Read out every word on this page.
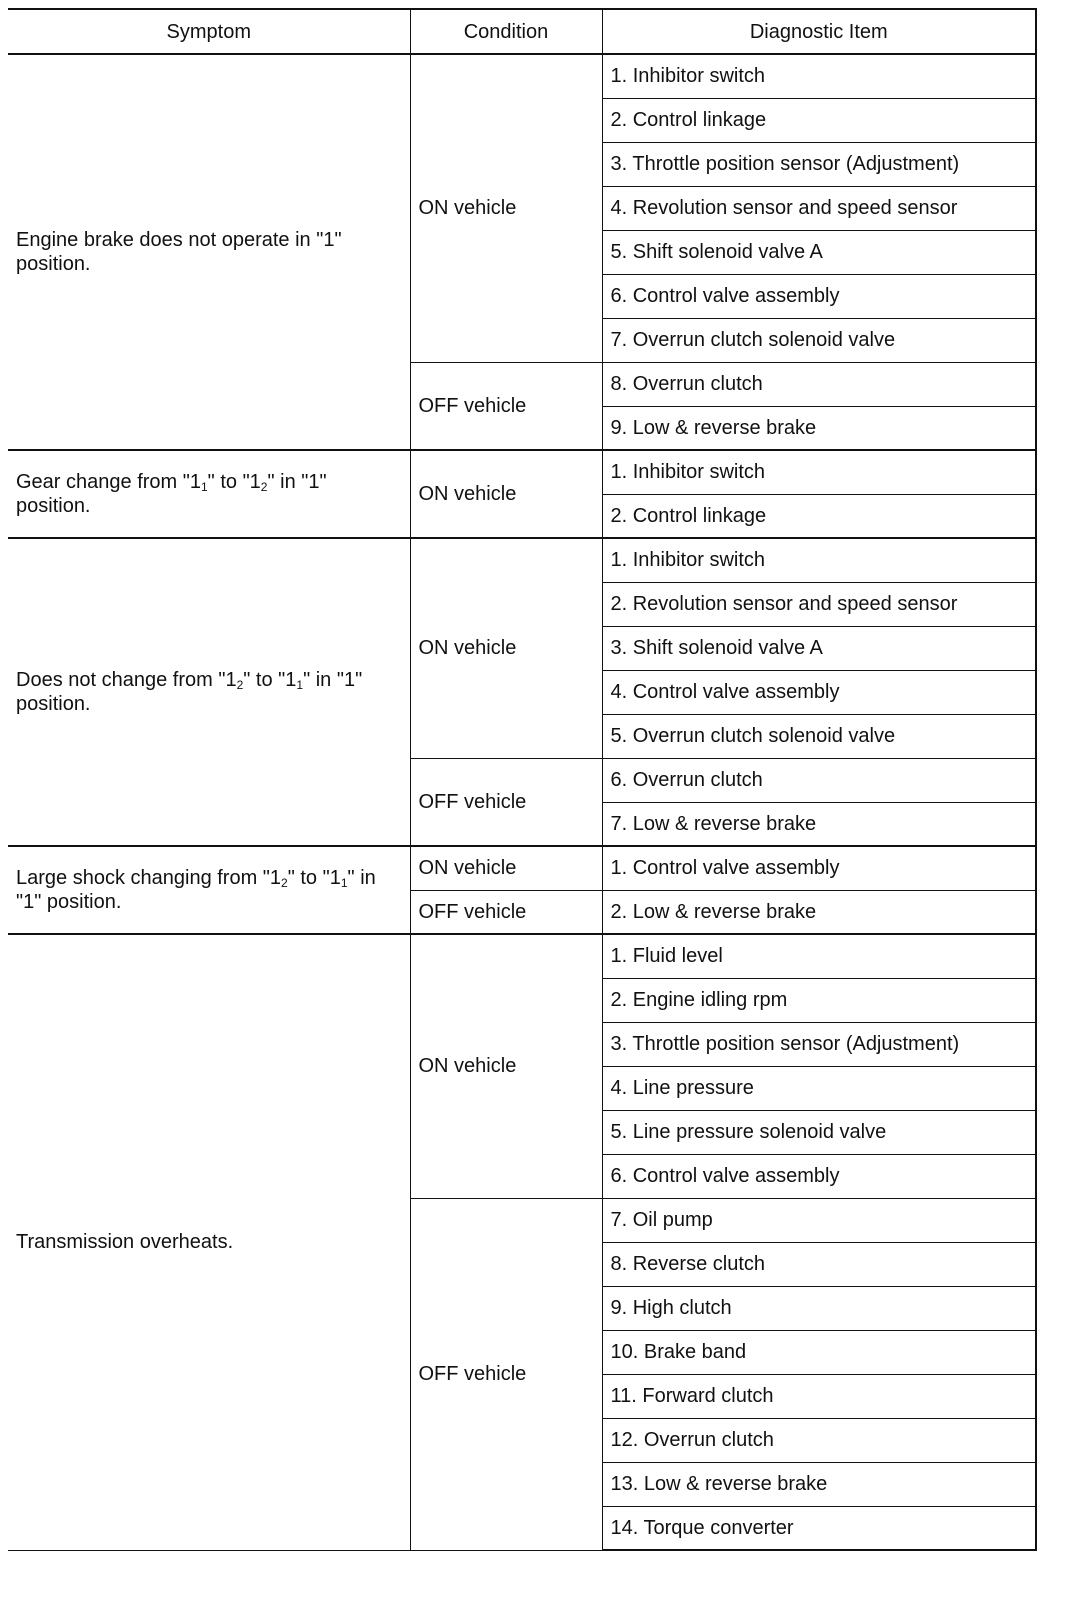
Symptom	Condition	Diagnostic Item
Engine brake does not operate in "1" position.	ON vehicle	1. Inhibitor switch
		2. Control linkage
		3. Throttle position sensor (Adjustment)
		4. Revolution sensor and speed sensor
		5. Shift solenoid valve A
		6. Control valve assembly
		7. Overrun clutch solenoid valve
	OFF vehicle	8. Overrun clutch
		9. Low & reverse brake
Gear change from "$1_1$" to "$1_2$" in "1" position.	ON vehicle	1. Inhibitor switch
		2. Control linkage
Does not change from "$1_2$" to "$1_1$" in "1" position.	ON vehicle	1. Inhibitor switch
		2. Revolution sensor and speed sensor
		3. Shift solenoid valve A
		4. Control valve assembly
		5. Overrun clutch solenoid valve
	OFF vehicle	6. Overrun clutch
		7. Low & reverse brake
Large shock changing from "$1_2$" to "$1_1$" in "1" position.	ON vehicle	1. Control valve assembly
	OFF vehicle	2. Low & reverse brake
Transmission overheats.	ON vehicle	1. Fluid level
		2. Engine idling rpm
		3. Throttle position sensor (Adjustment)
		4. Line pressure
		5. Line pressure solenoid valve
		6. Control valve assembly
	OFF vehicle	7. Oil pump
		8. Reverse clutch
		9. High clutch
		10. Brake band
		11. Forward clutch
		12. Overrun clutch
		13. Low & reverse brake
		14. Torque converter
